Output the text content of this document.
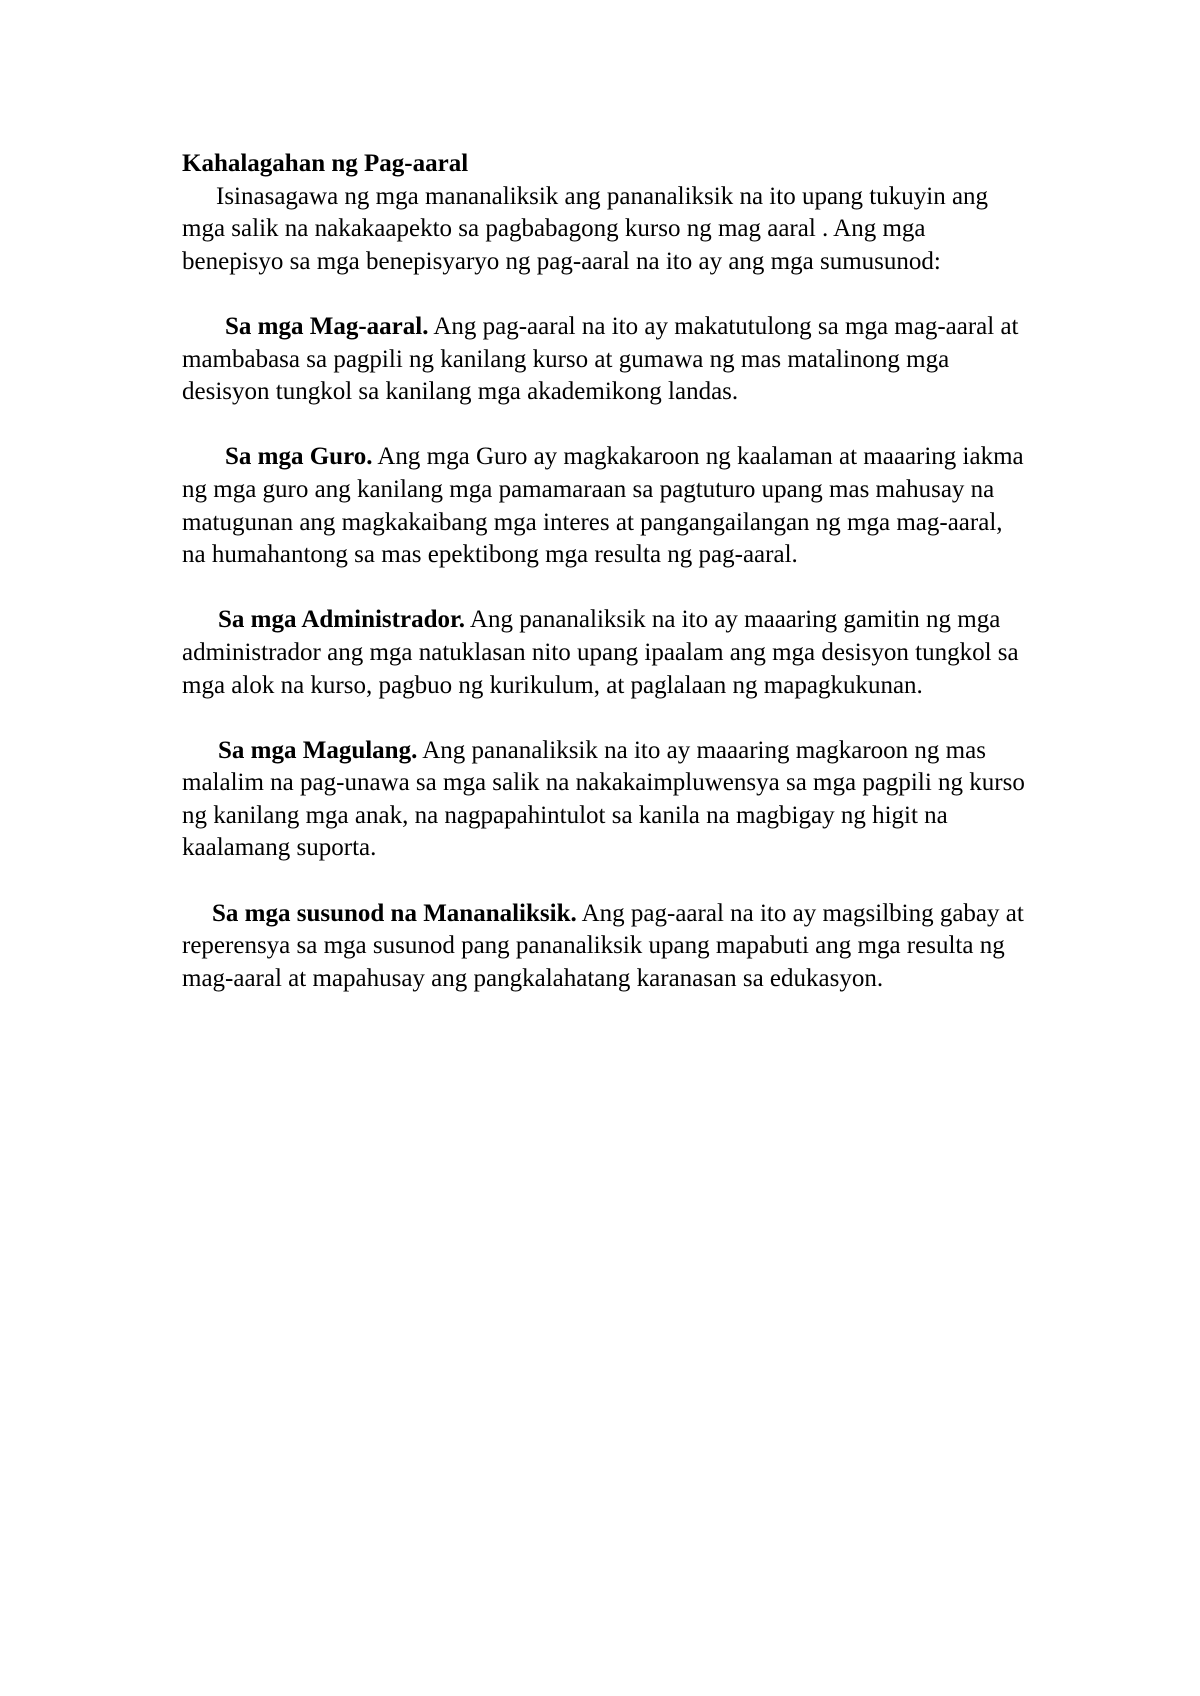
Kahalagahan ng Pag-aaral

Isinasagawa ng mga mananaliksik ang pananaliksik na ito upang tukuyin ang mga salik na nakakaapekto sa pagbabagong kurso ng mag aaral . Ang mga benepisyo sa mga benepisyaryo ng pag-aaral na ito ay ang mga sumusunod:

Sa mga Mag-aaral. Ang pag-aaral na ito ay makatutulong sa mga mag-aaral at mambabasa sa pagpili ng kanilang kurso at gumawa ng mas matalinong mga desisyon tungkol sa kanilang mga akademikong landas.

Sa mga Guro. Ang mga Guro ay magkakaroon ng kaalaman at maaaring iakma ng mga guro ang kanilang mga pamamaraan sa pagtuturo upang mas mahusay na matugunan ang magkakaibang mga interes at pangangailangan ng mga mag-aaral, na humahantong sa mas epektibong mga resulta ng pag-aaral.

Sa mga Administrador. Ang pananaliksik na ito ay maaaring gamitin ng mga administrador ang mga natuklasan nito upang ipaalam ang mga desisyon tungkol sa mga alok na kurso, pagbuo ng kurikulum, at paglalaan ng mapagkukunan.

Sa mga Magulang. Ang pananaliksik na ito ay maaaring magkaroon ng mas malalim na pag-unawa sa mga salik na nakakaimpluwensya sa mga pagpili ng kurso ng kanilang mga anak, na nagpapahintulot sa kanila na magbigay ng higit na kaalamang suporta.

Sa mga susunod na Mananaliksik. Ang pag-aaral na ito ay magsilbing gabay at reperensya sa mga susunod pang pananaliksik upang mapabuti ang mga resulta ng mag-aaral at mapahusay ang pangkalahatang karanasan sa edukasyon.
